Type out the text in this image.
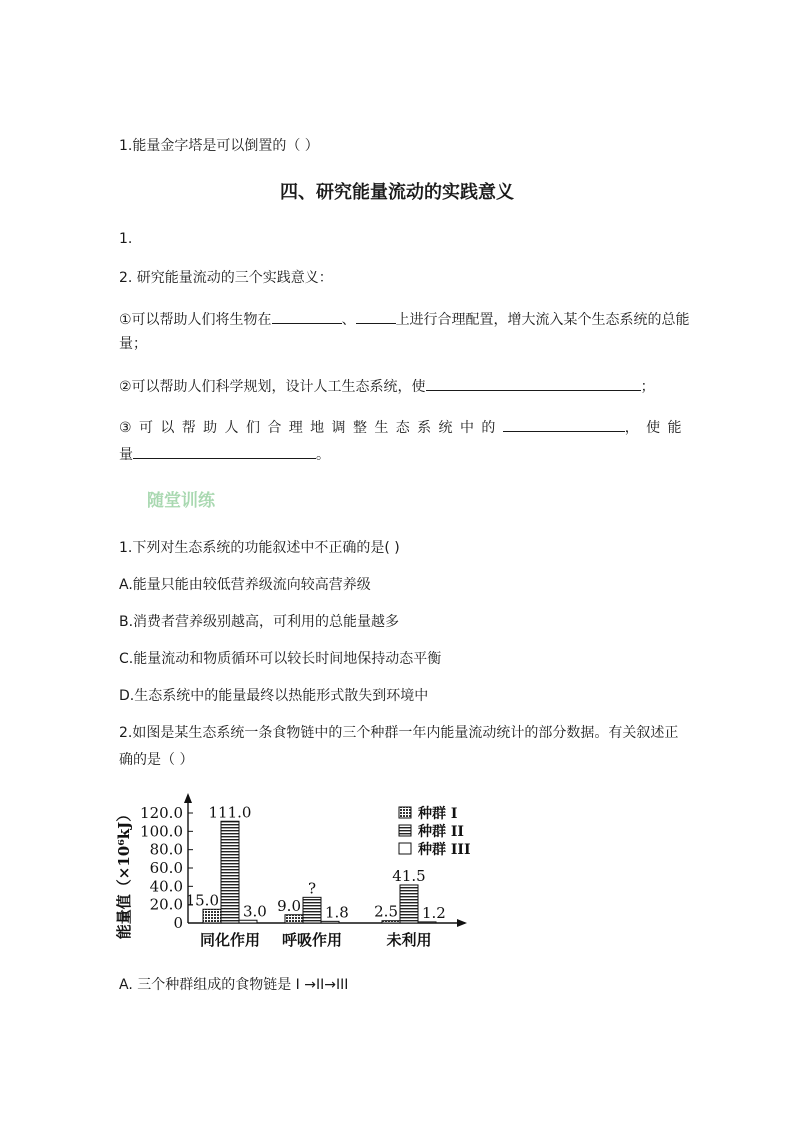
1.能量金字塔是可以倒置的（ ）
四、研究能量流动的实践意义
1.
2. 研究能量流动的三个实践意义：
①可以帮助人们将生物在	、	上进行合理配置，增大流入某个生态系统的总能
量；
②可以帮助人们科学规划，设计人工生态系统，使	；
③可以帮助人们合理地调整生态系统中的	，使能
量	。
随堂训练
1.下列对生态系统的功能叙述中不正确的是( )
A.能量只能由较低营养级流向较高营养级
B.消费者营养级别越高，可利用的总能量越多
C.能量流动和物质循环可以较长时间地保持动态平衡
D.生态系统中的能量最终以热能形式散失到环境中
2.如图是某生态系统一条食物链中的三个种群一年内能量流动统计的部分数据。有关叙述正
确的是（ ）
0
20.0
40.0
60.0
80.0
100.0
120.0
能量值（×10⁶kJ）	15.0
111.0
3.0
同化作用
9.0
?
1.8
呼吸作用
2.5
41.5
1.2
未利用
种群 I
种群 II
种群 III
A. 三个种群组成的食物链是 I →II→III
